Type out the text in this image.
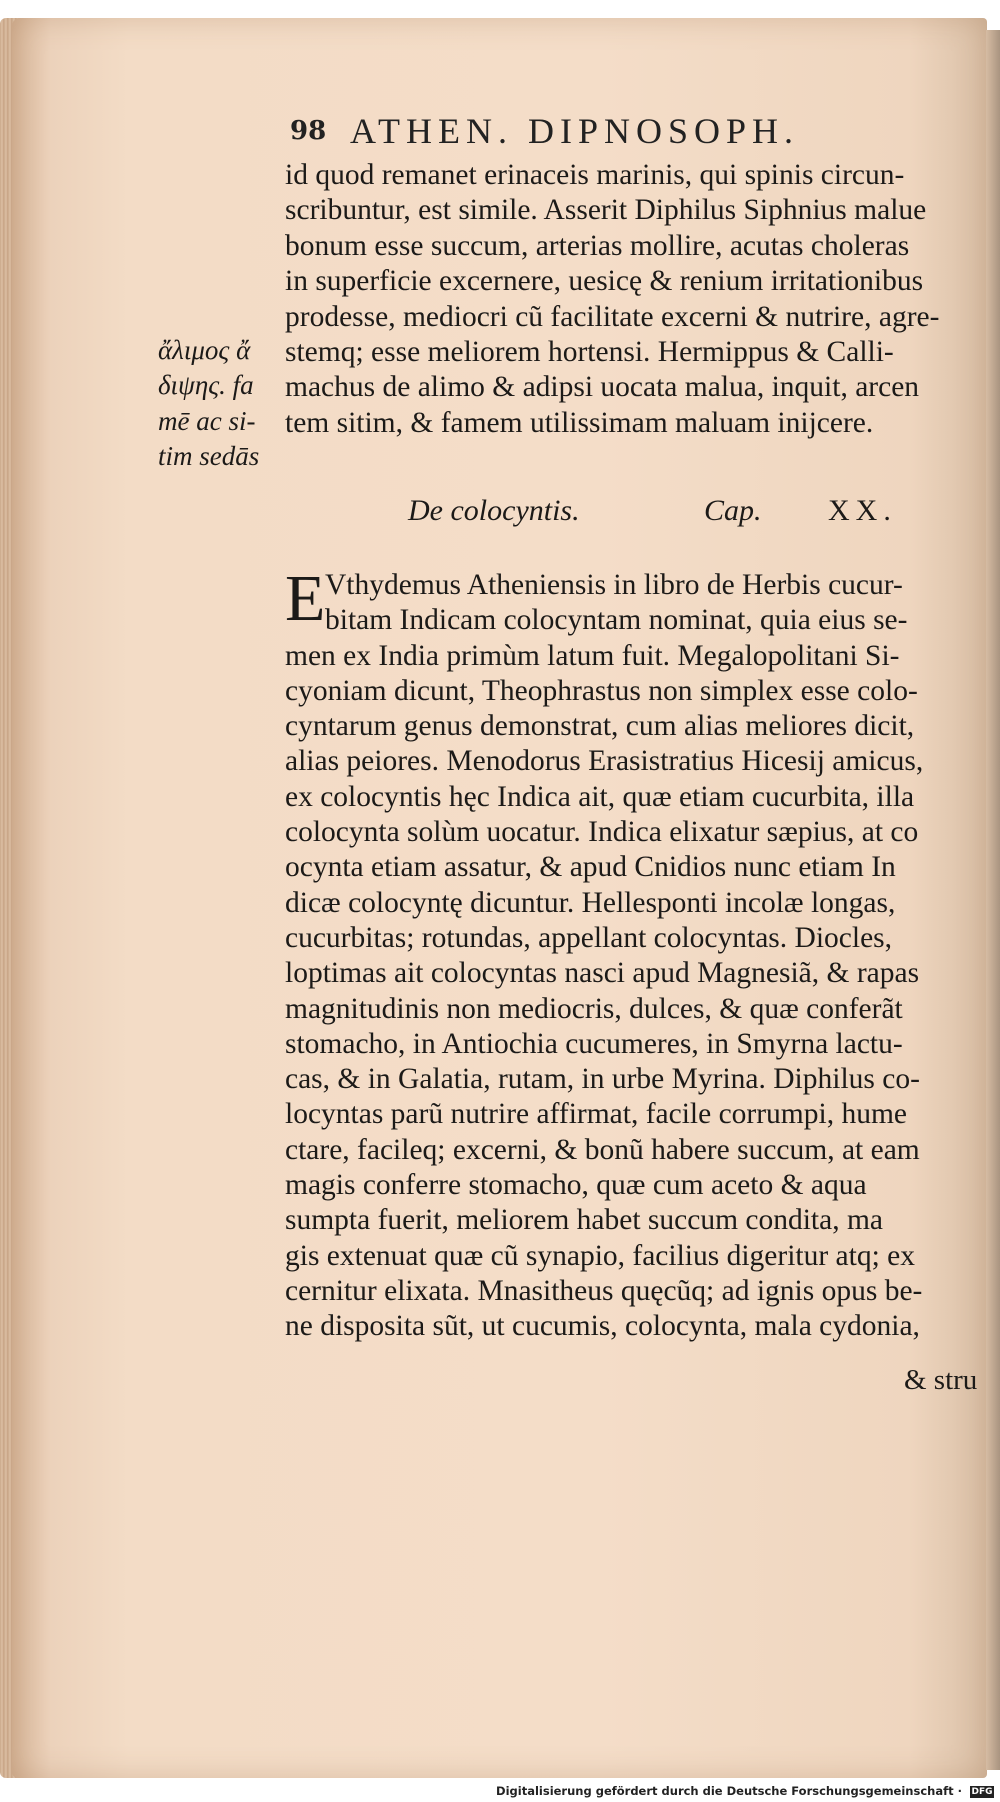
98 ATHEN. DIPNOSOPH.
id quod remanet erinaceis marinis, qui spinis circun-
scribuntur, est simile. Asserit Diphilus Siphnius malue
bonum esse succum, arterias mollire, acutas choleras
in superficie excernere, uesicę & renium irritationibus
prodesse, mediocri cũ facilitate excerni & nutrire, agre-
stemq; esse meliorem hortensi. Hermippus & Calli-
machus de alimo & adipsi uocata malua, inquit, arcen
tem sitim, & famem utilissimam maluam inijcere.
ἄλιμος ἄ
διψης. fa
mē ac si-
tim sedās
De colocyntis.	Cap. XX.
E Vthydemus Atheniensis in libro de Herbis cucur-
bitam Indicam colocyntam nominat, quia eius se-
men ex India primùm latum fuit. Megalopolitani Si-
cyoniam dicunt, Theophrastus non simplex esse colo-
cyntarum genus demonstrat, cum alias meliores dicit,
alias peiores. Menodorus Erasistratius Hicesij amicus,
ex colocyntis hęc Indica ait, quæ etiam cucurbita, illa
colocynta solùm uocatur. Indica elixatur sæpius, at co
ocynta etiam assatur, & apud Cnidios nunc etiam In
dicæ colocyntę dicuntur. Hellesponti incolæ longas,
cucurbitas; rotundas, appellant colocyntas. Diocles,
loptimas ait colocyntas nasci apud Magnesiã, & rapas
magnitudinis non mediocris, dulces, & quæ conferãt
stomacho, in Antiochia cucumeres, in Smyrna lactu-
cas, & in Galatia, rutam, in urbe Myrina. Diphilus co-
locyntas parũ nutrire affirmat, facile corrumpi, hume
ctare, facileq; excerni, & bonũ habere succum, at eam
magis conferre stomacho, quæ cum aceto & aqua
sumpta fuerit, meliorem habet succum condita, ma
gis extenuat quæ cũ synapio, facilius digeritur atq; ex
cernitur elixata. Mnasitheus quęcũq; ad ignis opus be-
ne disposita sũt, ut cucumis, colocynta, mala cydonia,
& stru
Digitalisierung gefördert durch die Deutsche Forschungsgemeinschaft · DFG
